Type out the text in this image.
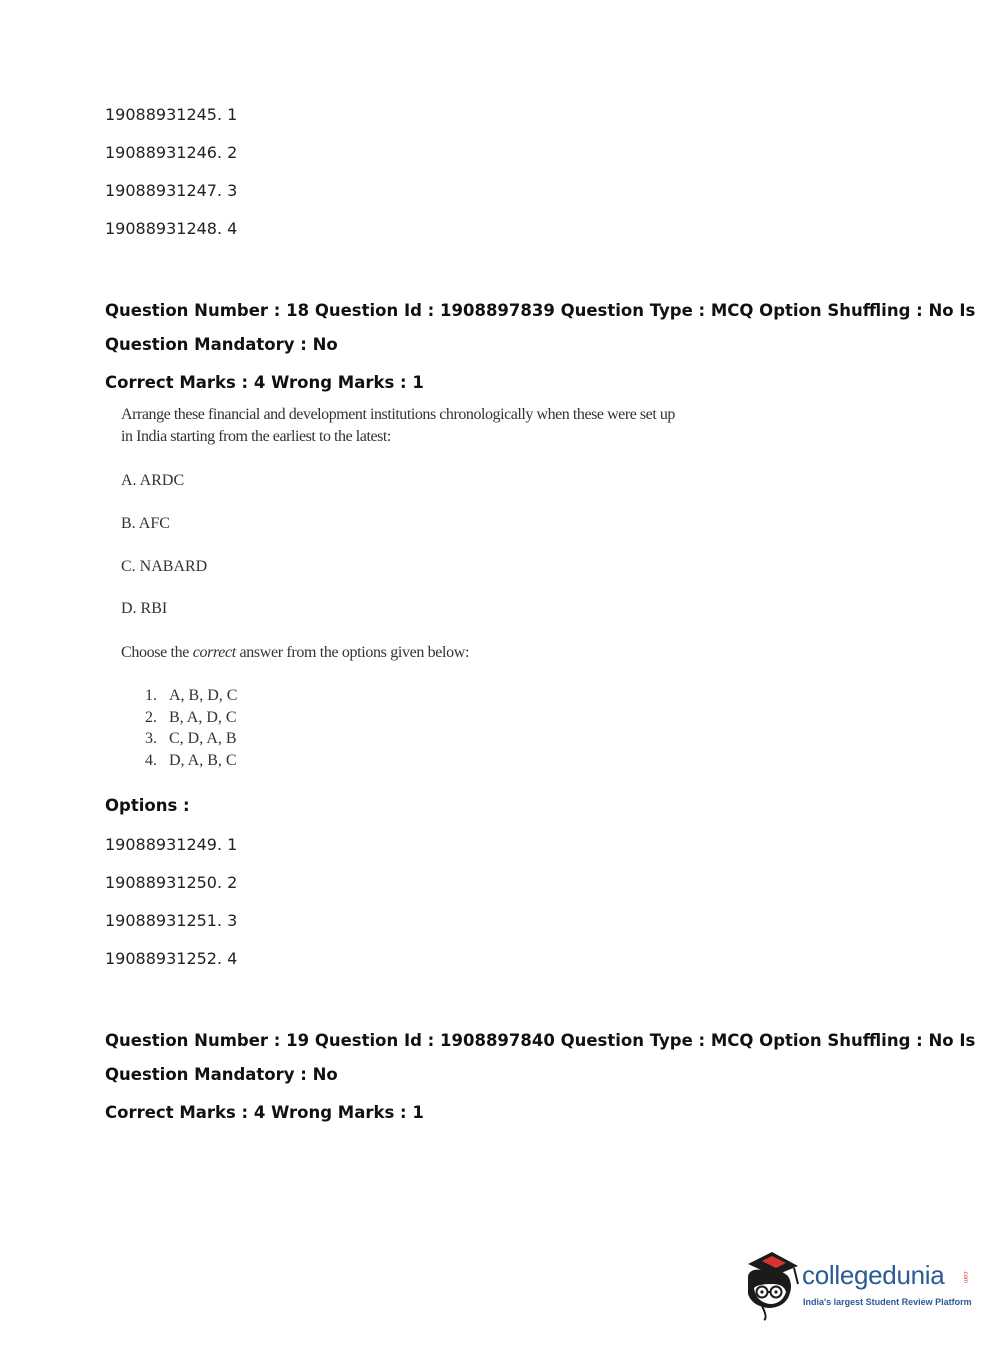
19088931245. 1
19088931246. 2
19088931247. 3
19088931248. 4
Question Number : 18 Question Id : 1908897839 Question Type : MCQ Option Shuffling : No Is
Question Mandatory : No
Correct Marks : 4 Wrong Marks : 1
Arrange these financial and development institutions chronologically when these were set up
in India starting from the earliest to the latest:
A. ARDC
B. AFC
C. NABARD
D. RBI
Choose the correct answer from the options given below:
1. A, B, D, C
2. B, A, D, C
3. C, D, A, B
4. D, A, B, C
Options :
19088931249. 1
19088931250. 2
19088931251. 3
19088931252. 4
Question Number : 19 Question Id : 1908897840 Question Type : MCQ Option Shuffling : No Is
Question Mandatory : No
Correct Marks : 4 Wrong Marks : 1
collegedunia	.com
India's largest Student Review Platform
